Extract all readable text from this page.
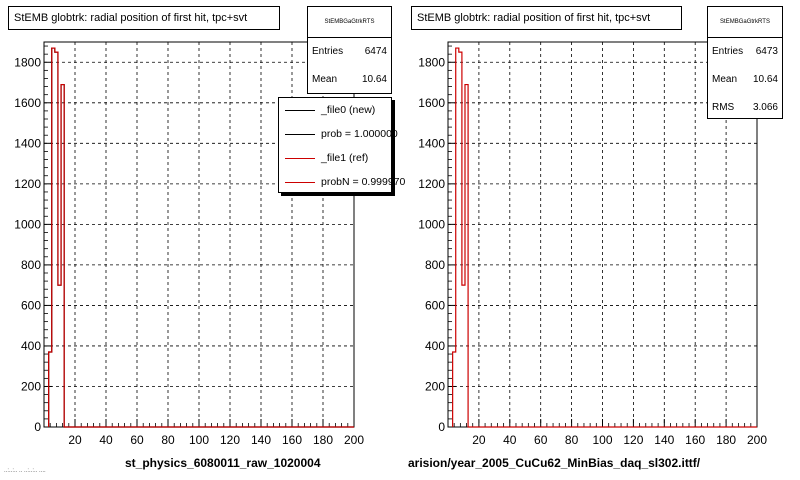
20 40 60 80 100 120 140 160 180 200
0
200
400
600
800
1000
1200
1400
1600
1800
20 40 60 80 100 120 140 160 180 200
0
200
400
600
800
1000
1200
1400
1600
1800
StEMB globtrk: radial position of first hit, tpc+svt	StEMBGaGtrkRTS
Entries 6474
Mean 10.64
_file0 (new)
prob = 1.000000
_file1 (ref)
probN = 0.999970
st_physics_6080011_raw_1020004
StEMB globtrk: radial position of first hit, tpc+svt	StEMBGaGtrkRTS
Entries 6473
Mean 10.64
RMS 3.066
arision/year_2005_CuCu62_MinBias_daq_sl302.ittf/
..:..:.. .. ..:..:.. ....
